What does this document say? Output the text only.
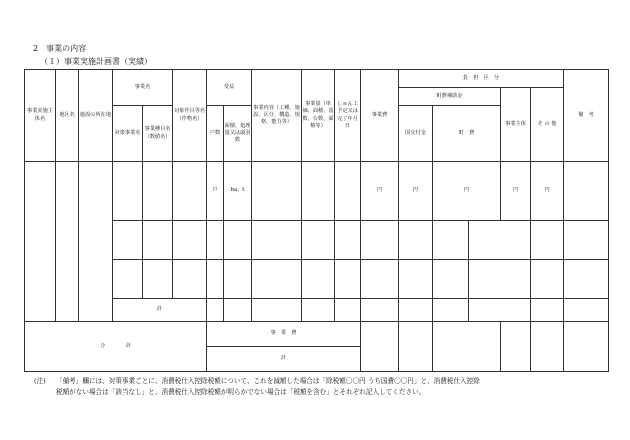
2　事業の内容
（１）事業実施計画書（実績）
事業実施主体名	地区名	施設の所在地	事業名		対象作目等名（作物名）	受益		事業内容（工種、施設、区分、構造、規格、能力等）	事業量（単価、面積、基数、台数、面積等）	しゅん工予定又は完了年月日	事業費	負　担　区　分					備　考	
												町費補助金			事業主体	そ の 他		
			対策事業名	事業種目名（数値名）		戸数	面積、処理量又は頭羽数					国交付金	町　費					
						戸	ha、t				円	円	円		円	円		

			計															
合　　　　計						事　業　費												
						計												
(注)	「備考」欄には、対策事業ごとに、消費税仕入控除税額について、これを減額した場合は「除税額〇〇円 うち国費〇〇円」と、消費税仕入控除
税額がない場合は「該当なし」と、消費税仕入控除税額が明らかでない場合は「税額を含む」とそれぞれ記入してください。
